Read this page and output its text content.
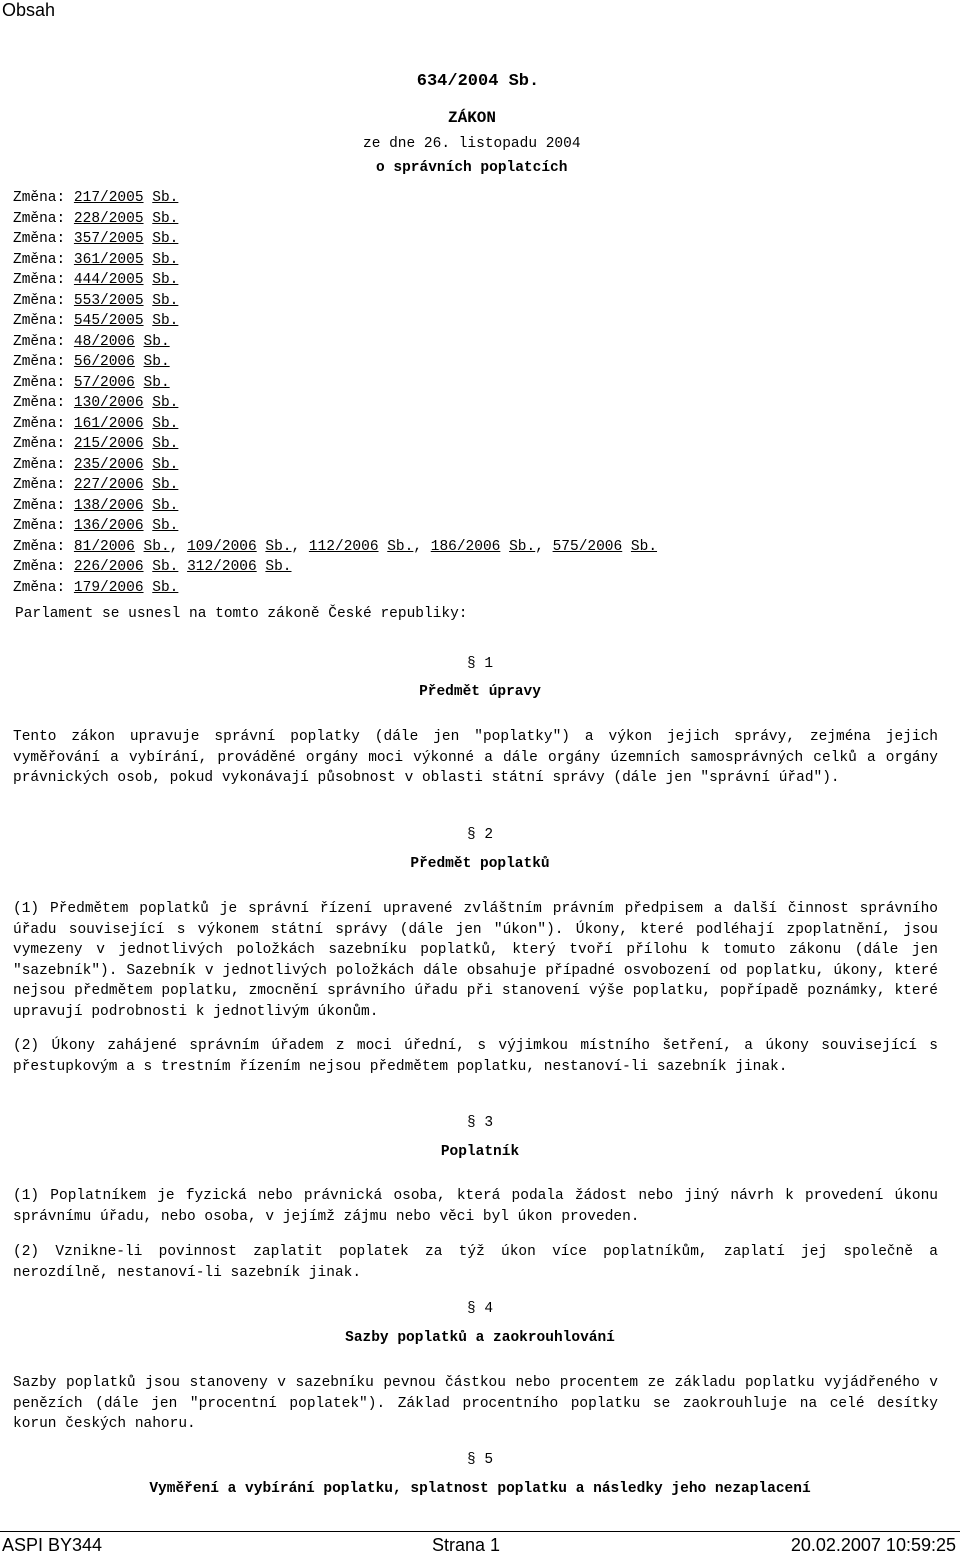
Obsah
634/2004 Sb.
ZÁKON
ze dne 26. listopadu 2004
o správních poplatcích
Změna: 217/2005 Sb.
Změna: 228/2005 Sb.
Změna: 357/2005 Sb.
Změna: 361/2005 Sb.
Změna: 444/2005 Sb.
Změna: 553/2005 Sb.
Změna: 545/2005 Sb.
Změna: 48/2006 Sb.
Změna: 56/2006 Sb.
Změna: 57/2006 Sb.
Změna: 130/2006 Sb.
Změna: 161/2006 Sb.
Změna: 215/2006 Sb.
Změna: 235/2006 Sb.
Změna: 227/2006 Sb.
Změna: 138/2006 Sb.
Změna: 136/2006 Sb.
Změna: 81/2006 Sb., 109/2006 Sb., 112/2006 Sb., 186/2006 Sb., 575/2006 Sb.
Změna: 226/2006 Sb. 312/2006 Sb.
Změna: 179/2006 Sb.
Parlament se usnesl na tomto zákoně České republiky:
§ 1
Předmět úpravy
Tento zákon upravuje správní poplatky (dále jen "poplatky") a výkon jejich správy, zejména jejich vyměřování a vybírání, prováděné orgány moci výkonné a dále orgány územních samosprávných celků a orgány právnických osob, pokud vykonávají působnost v oblasti státní správy (dále jen "správní úřad").
§ 2
Předmět poplatků
(1) Předmětem poplatků je správní řízení upravené zvláštním právním předpisem a další činnost správního úřadu související s výkonem státní správy (dále jen "úkon"). Úkony, které podléhají zpoplatnění, jsou vymezeny v jednotlivých položkách sazebníku poplatků, který tvoří přílohu k tomuto zákonu (dále jen "sazebník"). Sazebník v jednotlivých položkách dále obsahuje případné osvobození od poplatku, úkony, které nejsou předmětem poplatku, zmocnění správního úřadu při stanovení výše poplatku, popřípadě poznámky, které upravují podrobnosti k jednotlivým úkonům.
(2) Úkony zahájené správním úřadem z moci úřední, s výjimkou místního šetření, a úkony související s přestupkovým a s trestním řízením nejsou předmětem poplatku, nestanoví-li sazebník jinak.
§ 3
Poplatník
(1) Poplatníkem je fyzická nebo právnická osoba, která podala žádost nebo jiný návrh k provedení úkonu správnímu úřadu, nebo osoba, v jejímž zájmu nebo věci byl úkon proveden.
(2) Vznikne-li povinnost zaplatit poplatek za týž úkon více poplatníkům, zaplatí jej společně a nerozdílně, nestanoví-li sazebník jinak.
§ 4
Sazby poplatků a zaokrouhlování
Sazby poplatků jsou stanoveny v sazebníku pevnou částkou nebo procentem ze základu poplatku vyjádřeného v penězích (dále jen "procentní poplatek"). Základ procentního poplatku se zaokrouhluje na celé desítky korun českých nahoru.
§ 5
Vyměření a vybírání poplatku, splatnost poplatku a následky jeho nezaplacení
ASPI BY344	Strana 1	20.02.2007 10:59:25
